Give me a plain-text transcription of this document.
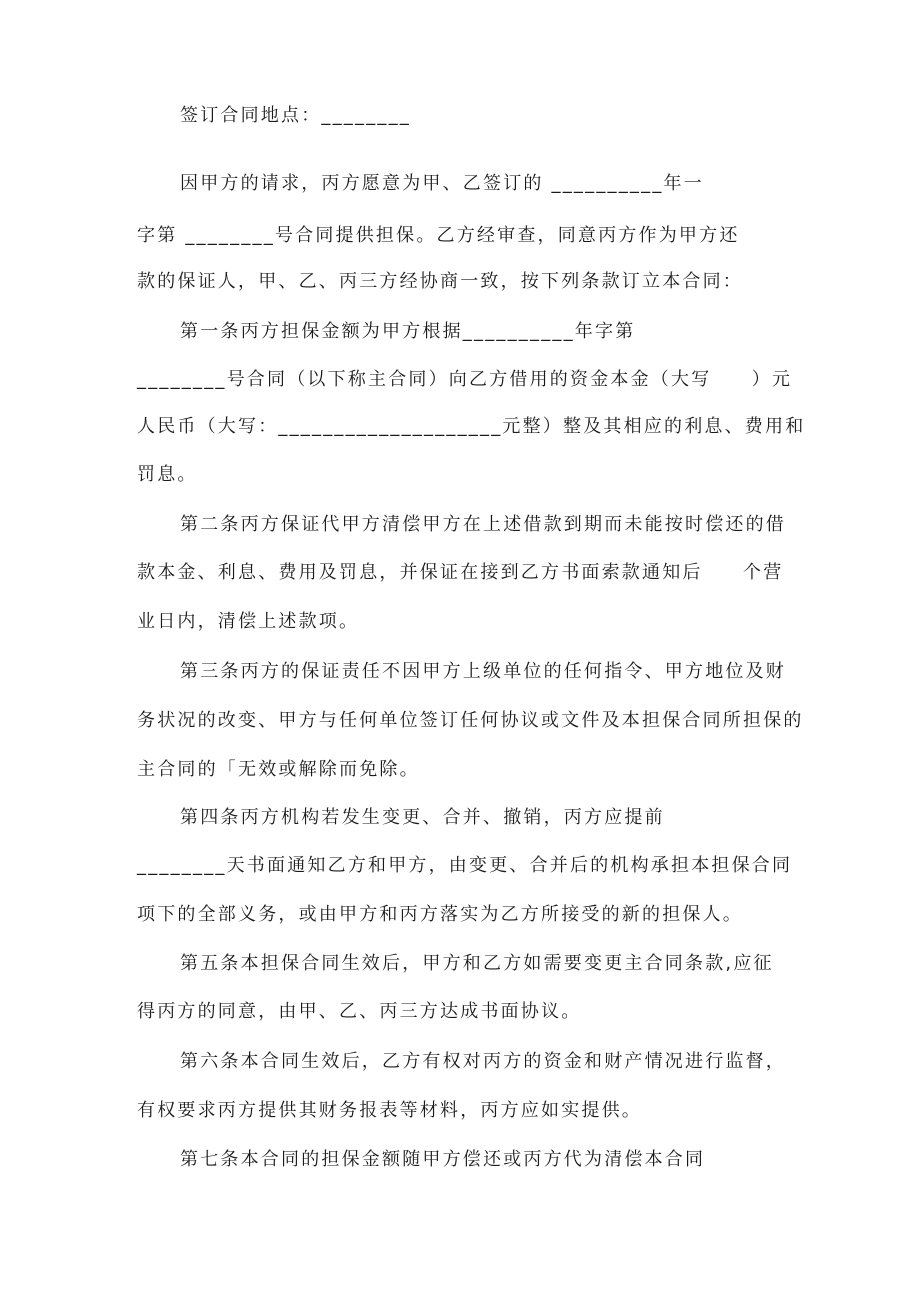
签订合同地点：________
因甲方的请求，丙方愿意为甲、乙签订的 __________年一
字第 ________号合同提供担保。乙方经审查，同意丙方作为甲方还
款的保证人，甲、乙、丙三方经协商一致，按下列条款订立本合同：
第一条丙方担保金额为甲方根据__________年字第
________号合同（以下称主合同）向乙方借用的资金本金（大写　　）元
人民币（大写：____________________元整）整及其相应的利息、费用和
罚息。
第二条丙方保证代甲方清偿甲方在上述借款到期而未能按时偿还的借
款本金、利息、费用及罚息，并保证在接到乙方书面索款通知后　　个营
业日内，清偿上述款项。
第三条丙方的保证责任不因甲方上级单位的任何指令、甲方地位及财
务状况的改变、甲方与任何单位签订任何协议或文件及本担保合同所担保的
主合同的「无效或解除而免除。
第四条丙方机构若发生变更、合并、撤销，丙方应提前
________天书面通知乙方和甲方，由变更、合并后的机构承担本担保合同
项下的全部义务，或由甲方和丙方落实为乙方所接受的新的担保人。
第五条本担保合同生效后，甲方和乙方如需要变更主合同条款,应征
得丙方的同意，由甲、乙、丙三方达成书面协议。
第六条本合同生效后，乙方有权对丙方的资金和财产情况进行监督，
有权要求丙方提供其财务报表等材料，丙方应如实提供。
第七条本合同的担保金额随甲方偿还或丙方代为清偿本合同
